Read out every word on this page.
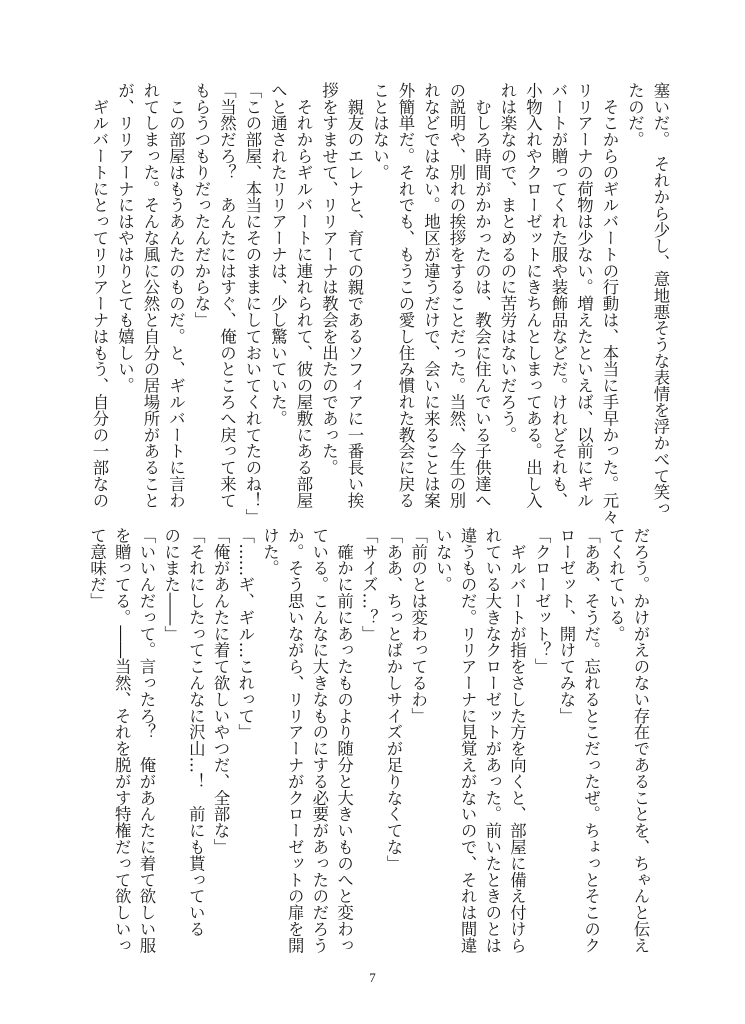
塞いだ。　それから少し、意地悪そうな表情を浮かべて笑っ
たのだ。
　そこからのギルバートの行動は、本当に手早かった。元々
リリアーナの荷物は少ない。増えたといえば、以前にギル
バートが贈ってくれた服や装飾品などだ。けれどそれも、
小物入れやクローゼットにきちんとしまってある。出し入
れは楽なので、まとめるのに苦労はないだろう。
　むしろ時間がかかったのは、教会に住んでいる子供達へ
の説明や、別れの挨拶をすることだった。当然、今生の別
れなどではない。地区が違うだけで、会いに来ることは案
外簡単だ。それでも、もうこの愛し住み慣れた教会に戻る
ことはない。
　親友のエレナと、育ての親であるソフィアに一番長い挨
拶をすませて、リリアーナは教会を出たのであった。
　それからギルバートに連れられて、彼の屋敷にある部屋
へと通されたリリアーナは、少し驚いていた。
「この部屋、本当にそのままにしておいてくれてたのね！」
「当然だろ？　あんたにはすぐ、俺のところへ戻って来て
もらうつもりだったんだからな」
　この部屋はもうあんたのものだ。と、ギルバートに言わ
れてしまった。そんな風に公然と自分の居場所があること
が、リリアーナにはやはりとても嬉しい。
　ギルバートにとってリリアーナはもう、自分の一部なの
だろう。かけがえのない存在であることを、ちゃんと伝え
てくれている。
「ああ、そうだ。忘れるとこだったぜ。ちょっとそこのク
ローゼット、開けてみな」
「クローゼット？」
　ギルバートが指をさした方を向くと、部屋に備え付けら
れている大きなクローゼットがあった。前いたときのとは
違うものだ。リリアーナに見覚えがないので、それは間違
いない。
「前のとは変わってるわ」
「ああ、ちっとばかしサイズが足りなくてな」
「サイズ…？」
　確かに前にあったものより随分と大きいものへと変わっ
ている。こんなに大きなものにする必要があったのだろう
か。そう思いながら、リリアーナがクローゼットの扉を開
けた。
「……ギ、ギル…これって」
「俺があんたに着て欲しいやつだ、全部な」
「それにしたってこんなに沢山…！　前にも貰っている
のにまた――」
「いいんだって。言ったろ？　俺があんたに着て欲しい服
を贈ってる。――当然、それを脱がす特権だって欲しいっ
て意味だ」
7
